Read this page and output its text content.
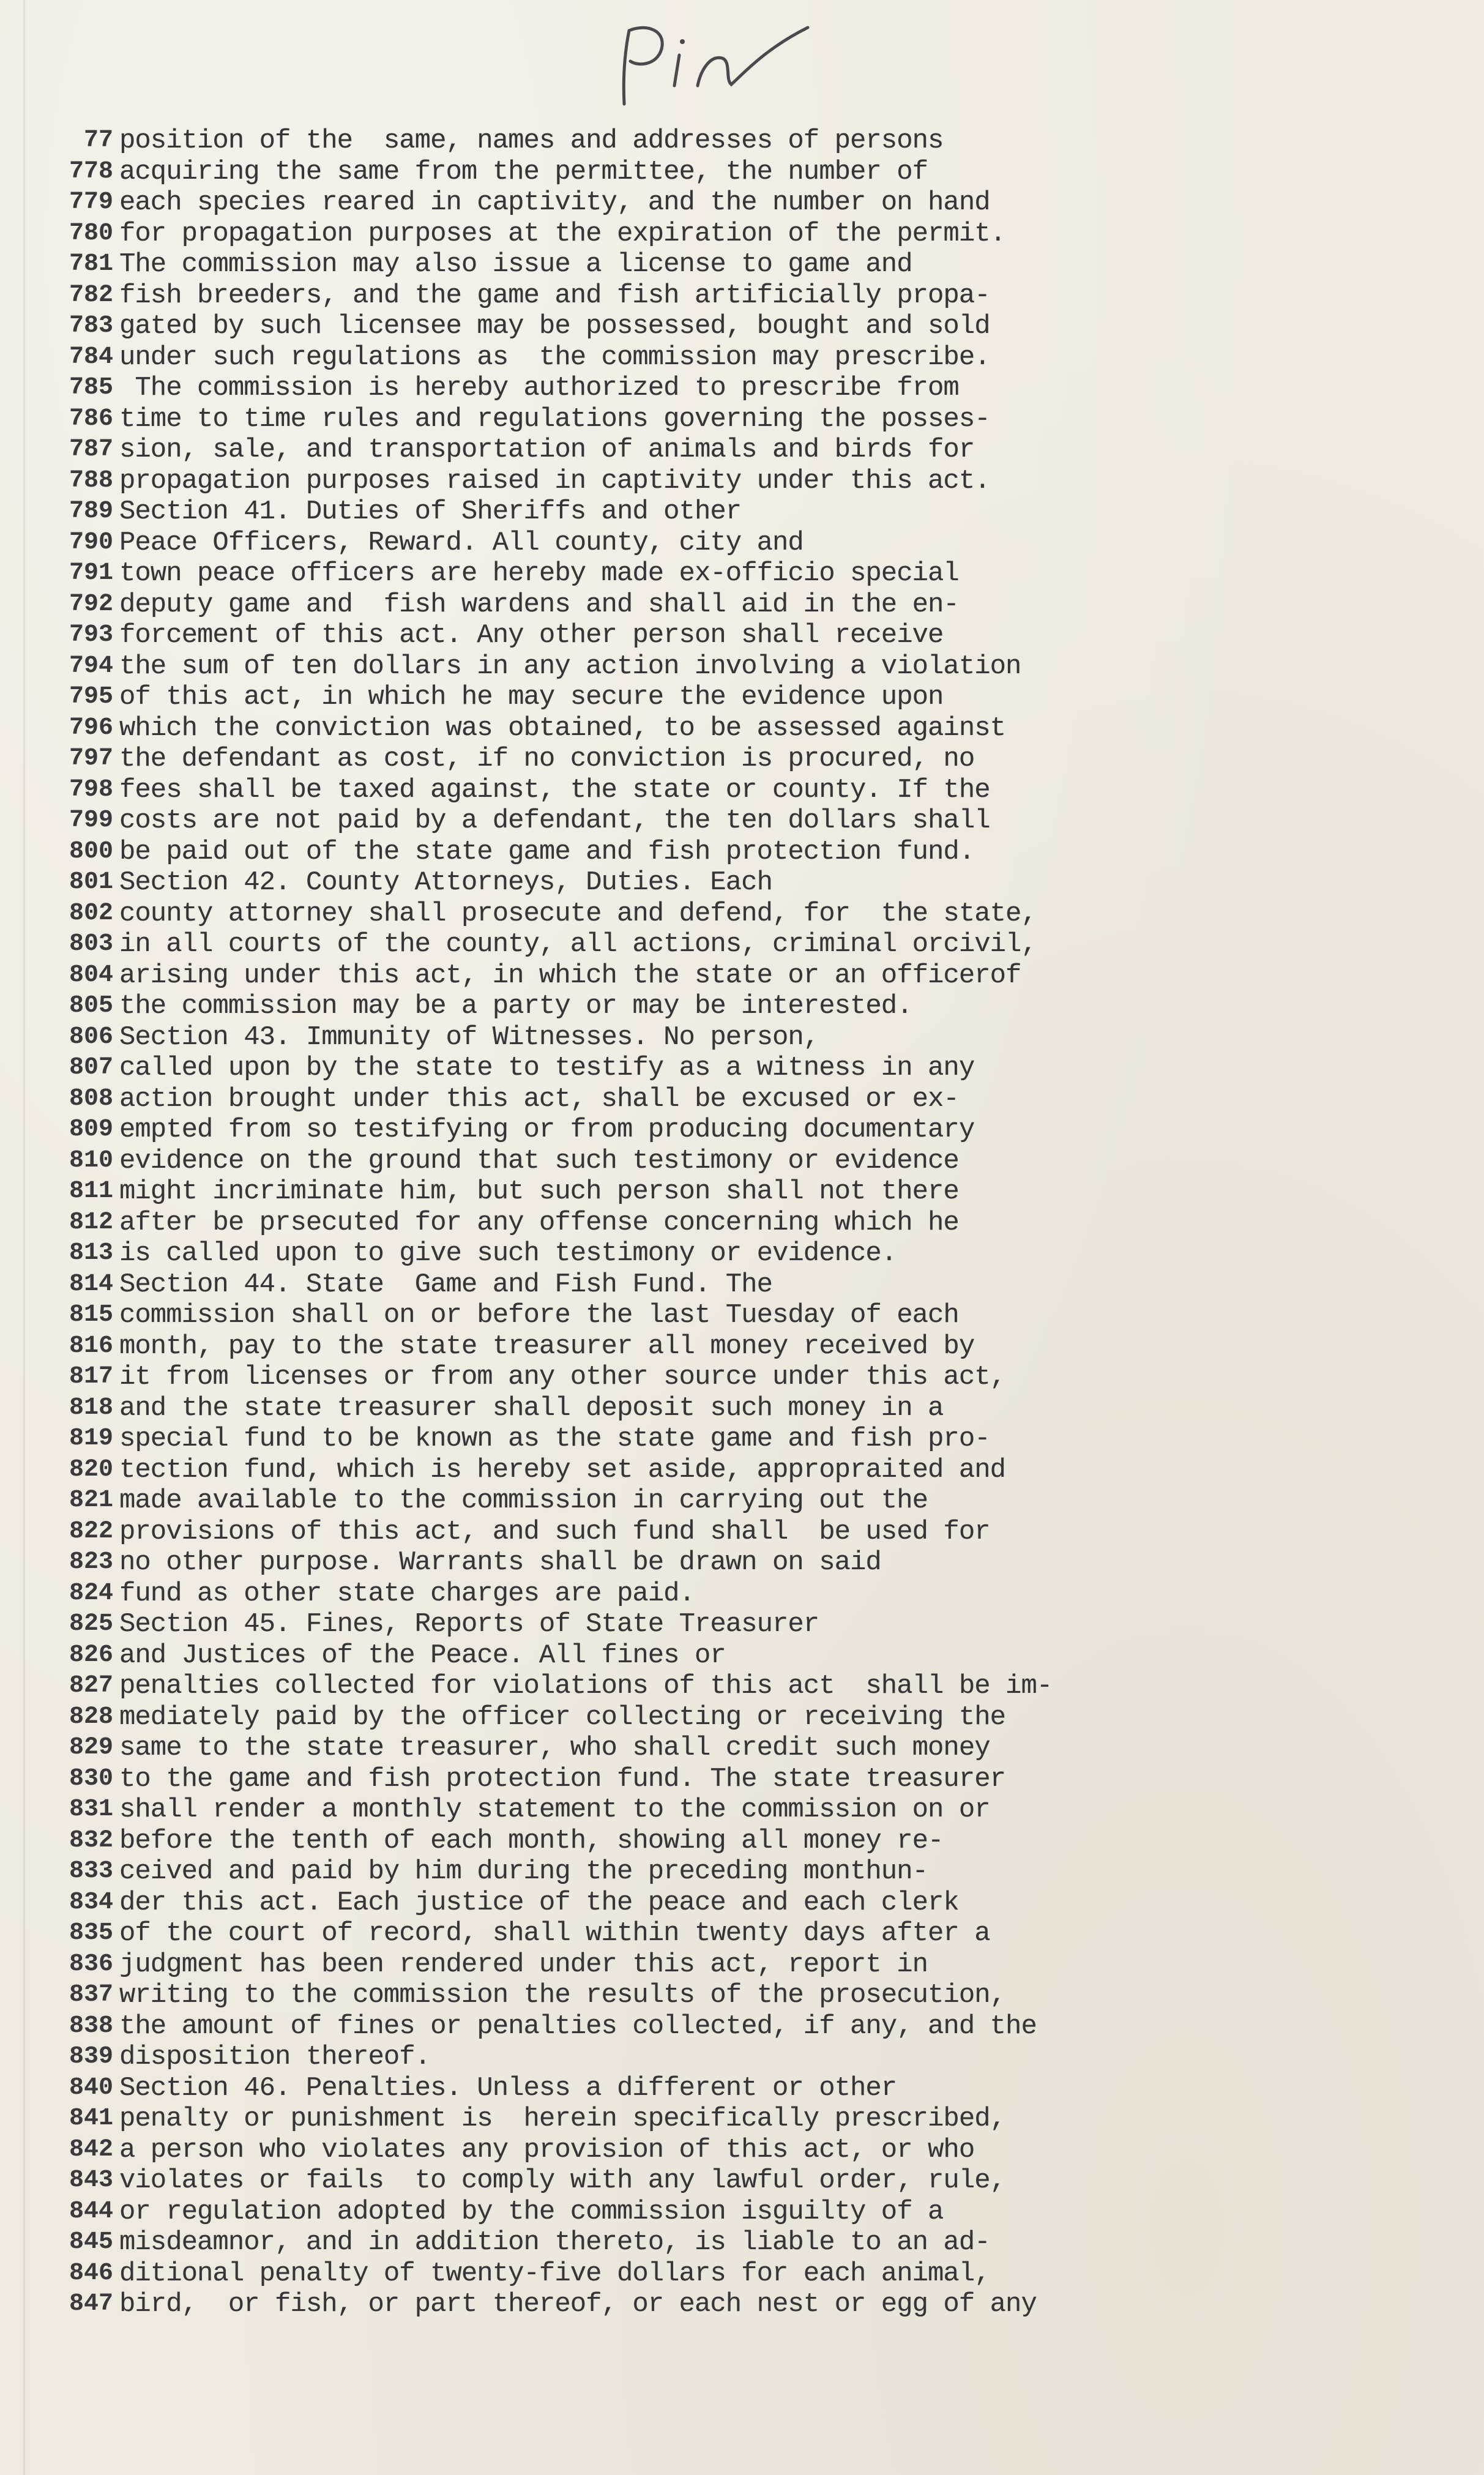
Pin
77 position of the  same, names and addresses of persons
778 acquiring the same from the permittee, the number of
779 each species reared in captivity, and the number on hand
780 for propagation purposes at the expiration of the permit.
781 The commission may also issue a license to game and
782 fish breeders, and the game and fish artificially propa-
783 gated by such licensee may be possessed, bought and sold
784 under such regulations as  the commission may prescribe.
785 The commission is hereby authorized to prescribe from
786 time to time rules and regulations governing the posses-
787 sion, sale, and transportation of animals and birds for
788 propagation purposes raised in captivity under this act.
789 Section 41. Duties of Sheriffs and other
790 Peace Officers, Reward. All county, city and
791 town peace officers are hereby made ex-officio special
792 deputy game and  fish wardens and shall aid in the en-
793 forcement of this act. Any other person shall receive
794 the sum of ten dollars in any action involving a violation
795 of this act, in which he may secure the evidence upon
796 which the conviction was obtained, to be assessed against
797 the defendant as cost, if no conviction is procured, no
798 fees shall be taxed against, the state or county. If the
799 costs are not paid by a defendant, the ten dollars shall
800 be paid out of the state game and fish protection fund.
801 Section 42. County Attorneys, Duties. Each
802 county attorney shall prosecute and defend, for  the state,
803 in all courts of the county, all actions, criminal orcivil,
804 arising under this act, in which the state or an officerof
805 the commission may be a party or may be interested.
806 Section 43. Immunity of Witnesses. No person,
807 called upon by the state to testify as a witness in any
808 action brought under this act, shall be excused or ex-
809 empted from so testifying or from producing documentary
810 evidence on the ground that such testimony or evidence
811 might incriminate him, but such person shall not there
812 after be prsecuted for any offense concerning which he
813 is called upon to give such testimony or evidence.
814 Section 44. State  Game and Fish Fund. The
815 commission shall on or before the last Tuesday of each
816 month, pay to the state treasurer all money received by
817 it from licenses or from any other source under this act,
818 and the state treasurer shall deposit such money in a
819 special fund to be known as the state game and fish pro-
820 tection fund, which is hereby set aside, appropraited and
821 made available to the commission in carrying out the
822 provisions of this act, and such fund shall  be used for
823 no other purpose. Warrants shall be drawn on said
824 fund as other state charges are paid.
825 Section 45. Fines, Reports of State Treasurer
826 and Justices of the Peace. All fines or
827 penalties collected for violations of this act  shall be im-
828 mediately paid by the officer collecting or receiving the
829 same to the state treasurer, who shall credit such money
830 to the game and fish protection fund. The state treasurer
831 shall render a monthly statement to the commission on or
832 before the tenth of each month, showing all money re-
833 ceived and paid by him during the preceding monthun-
834 der this act. Each justice of the peace and each clerk
835 of the court of record, shall within twenty days after a
836 judgment has been rendered under this act, report in
837 writing to the commission the results of the prosecution,
838 the amount of fines or penalties collected, if any, and the
839 disposition thereof.
840 Section 46. Penalties. Unless a different or other
841 penalty or punishment is  herein specifically prescribed,
842 a person who violates any provision of this act, or who
843 violates or fails  to comply with any lawful order, rule,
844 or regulation adopted by the commission isguilty of a
845 misdeamnor, and in addition thereto, is liable to an ad-
846 ditional penalty of twenty-five dollars for each animal,
847 bird,  or fish, or part thereof, or each nest or egg of any
